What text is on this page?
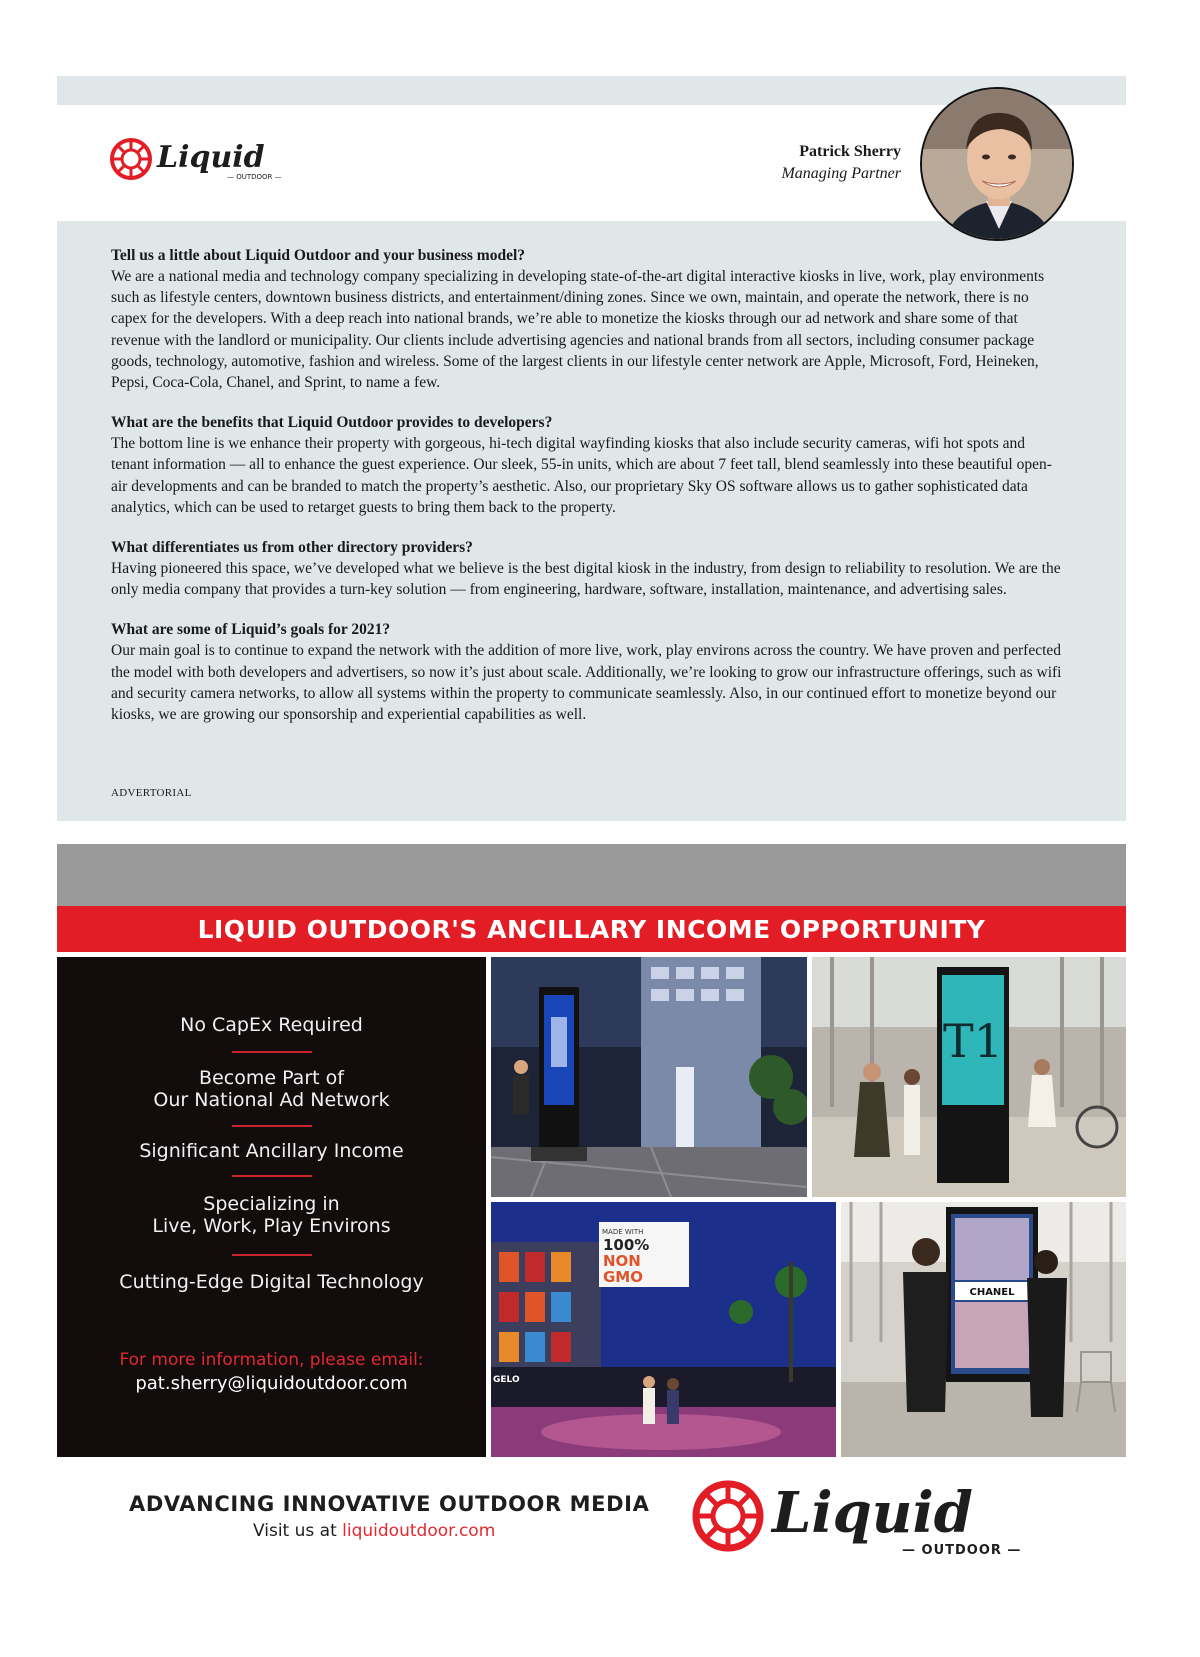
Liquid
— OUTDOOR —
Patrick Sherry
Managing Partner
Tell us a little about Liquid Outdoor and your business model?
We are a national media and technology company specializing in developing state-of-the-art digital interactive kiosks in live, work, play environments such as lifestyle centers, downtown business districts, and entertainment/dining zones. Since we own, maintain, and operate the network, there is no capex for the developers. With a deep reach into national brands, we’re able to monetize the kiosks through our ad network and share some of that revenue with the landlord or municipality. Our clients include advertising agencies and national brands from all sectors, including consumer package goods, technology, automotive, fashion and wireless. Some of the largest clients in our lifestyle center network are Apple, Microsoft, Ford, Heineken, Pepsi, Coca-Cola, Chanel, and Sprint, to name a few.
What are the benefits that Liquid Outdoor provides to developers?
The bottom line is we enhance their property with gorgeous, hi-tech digital wayfinding kiosks that also include security cameras, wifi hot spots and tenant information — all to enhance the guest experience. Our sleek, 55-in units, which are about 7 feet tall, blend seamlessly into these beautiful open-air developments and can be branded to match the property’s aesthetic. Also, our proprietary Sky OS software allows us to gather sophisticated data analytics, which can be used to retarget guests to bring them back to the property.
What differentiates us from other directory providers?
Having pioneered this space, we’ve developed what we believe is the best digital kiosk in the industry, from design to reliability to resolution. We are the only media company that provides a turn-key solution — from engineering, hardware, software, installation, maintenance, and advertising sales.
What are some of Liquid’s goals for 2021?
Our main goal is to continue to expand the network with the addition of more live, work, play environs across the country. We have proven and perfected the model with both developers and advertisers, so now it’s just about scale. Additionally, we’re looking to grow our infrastructure offerings, such as wifi and security camera networks, to allow all systems within the property to communicate seamlessly. Also, in our continued effort to monetize beyond our kiosks, we are growing our sponsorship and experiential capabilities as well.
ADVERTORIAL
LIQUID OUTDOOR'S ANCILLARY INCOME OPPORTUNITY
No CapEx Required
Become Part of
Our National Ad Network
Significant Ancillary Income
Specializing in
Live, Work, Play Environs
Cutting-Edge Digital Technology
For more information, please email:
pat.sherry@liquidoutdoor.com
T1
MADE WITH
100%
NON
GMO
GELO
CHANEL
ADVANCING INNOVATIVE OUTDOOR MEDIA
Visit us at liquidoutdoor.com	Liquid
— OUTDOOR —
